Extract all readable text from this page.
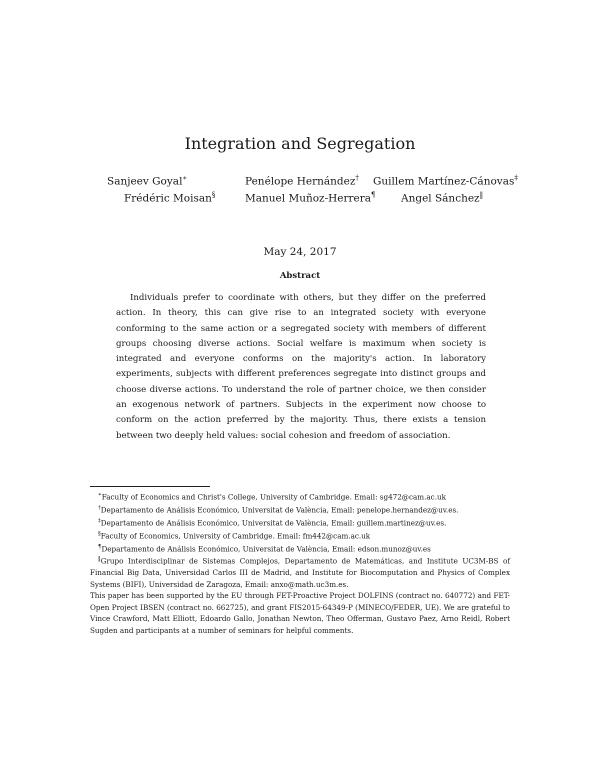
Integration and Segregation
Sanjeev Goyal∗	Penélope Hernández† Guillem Martínez-Cánovas‡
Frédéric Moisan§	Manuel Muñoz-Herrera¶ Angel Sánchez‖
May 24, 2017
Abstract
Individuals prefer to coordinate with others, but they differ on the preferred action. In theory, this can give rise to an integrated society with everyone conforming to the same action or a segregated society with members of different groups choosing diverse actions. Social welfare is maximum when society is integrated and everyone conforms on the majority's action. In laboratory experiments, subjects with different preferences segregate into distinct groups and choose diverse actions. To understand the role of partner choice, we then consider an exogenous network of partners. Subjects in the experiment now choose to conform on the action preferred by the majority. Thus, there exists a tension between two deeply held values: social cohesion and freedom of association.
∗Faculty of Economics and Christ's College, University of Cambridge. Email: sg472@cam.ac.uk
†Departamento de Análisis Económico, Universitat de València, Email: penelope.hernandez@uv.es.
‡Departamento de Análisis Económico, Universitat de València, Email: guillem.martinez@uv.es.
§Faculty of Economics, University of Cambridge. Email: fm442@cam.ac.uk
¶Departamento de Análisis Económico, Universitat de València, Email: edson.munoz@uv.es
‖Grupo Interdisciplinar de Sistemas Complejos, Departamento de Matemáticas, and Institute UC3M-BS of Financial Big Data, Universidad Carlos III de Madrid, and Institute for Biocomputation and Physics of Complex Systems (BIFI), Universidad de Zaragoza, Email: anxo@math.uc3m.es.
This paper has been supported by the EU through FET-Proactive Project DOLFINS (contract no. 640772) and FET-Open Project IBSEN (contract no. 662725), and grant FIS2015-64349-P (MINECO/FEDER, UE). We are grateful to Vince Crawford, Matt Elliott, Edoardo Gallo, Jonathan Newton, Theo Offerman, Gustavo Paez, Arno Reidl, Robert Sugden and participants at a number of seminars for helpful comments.
